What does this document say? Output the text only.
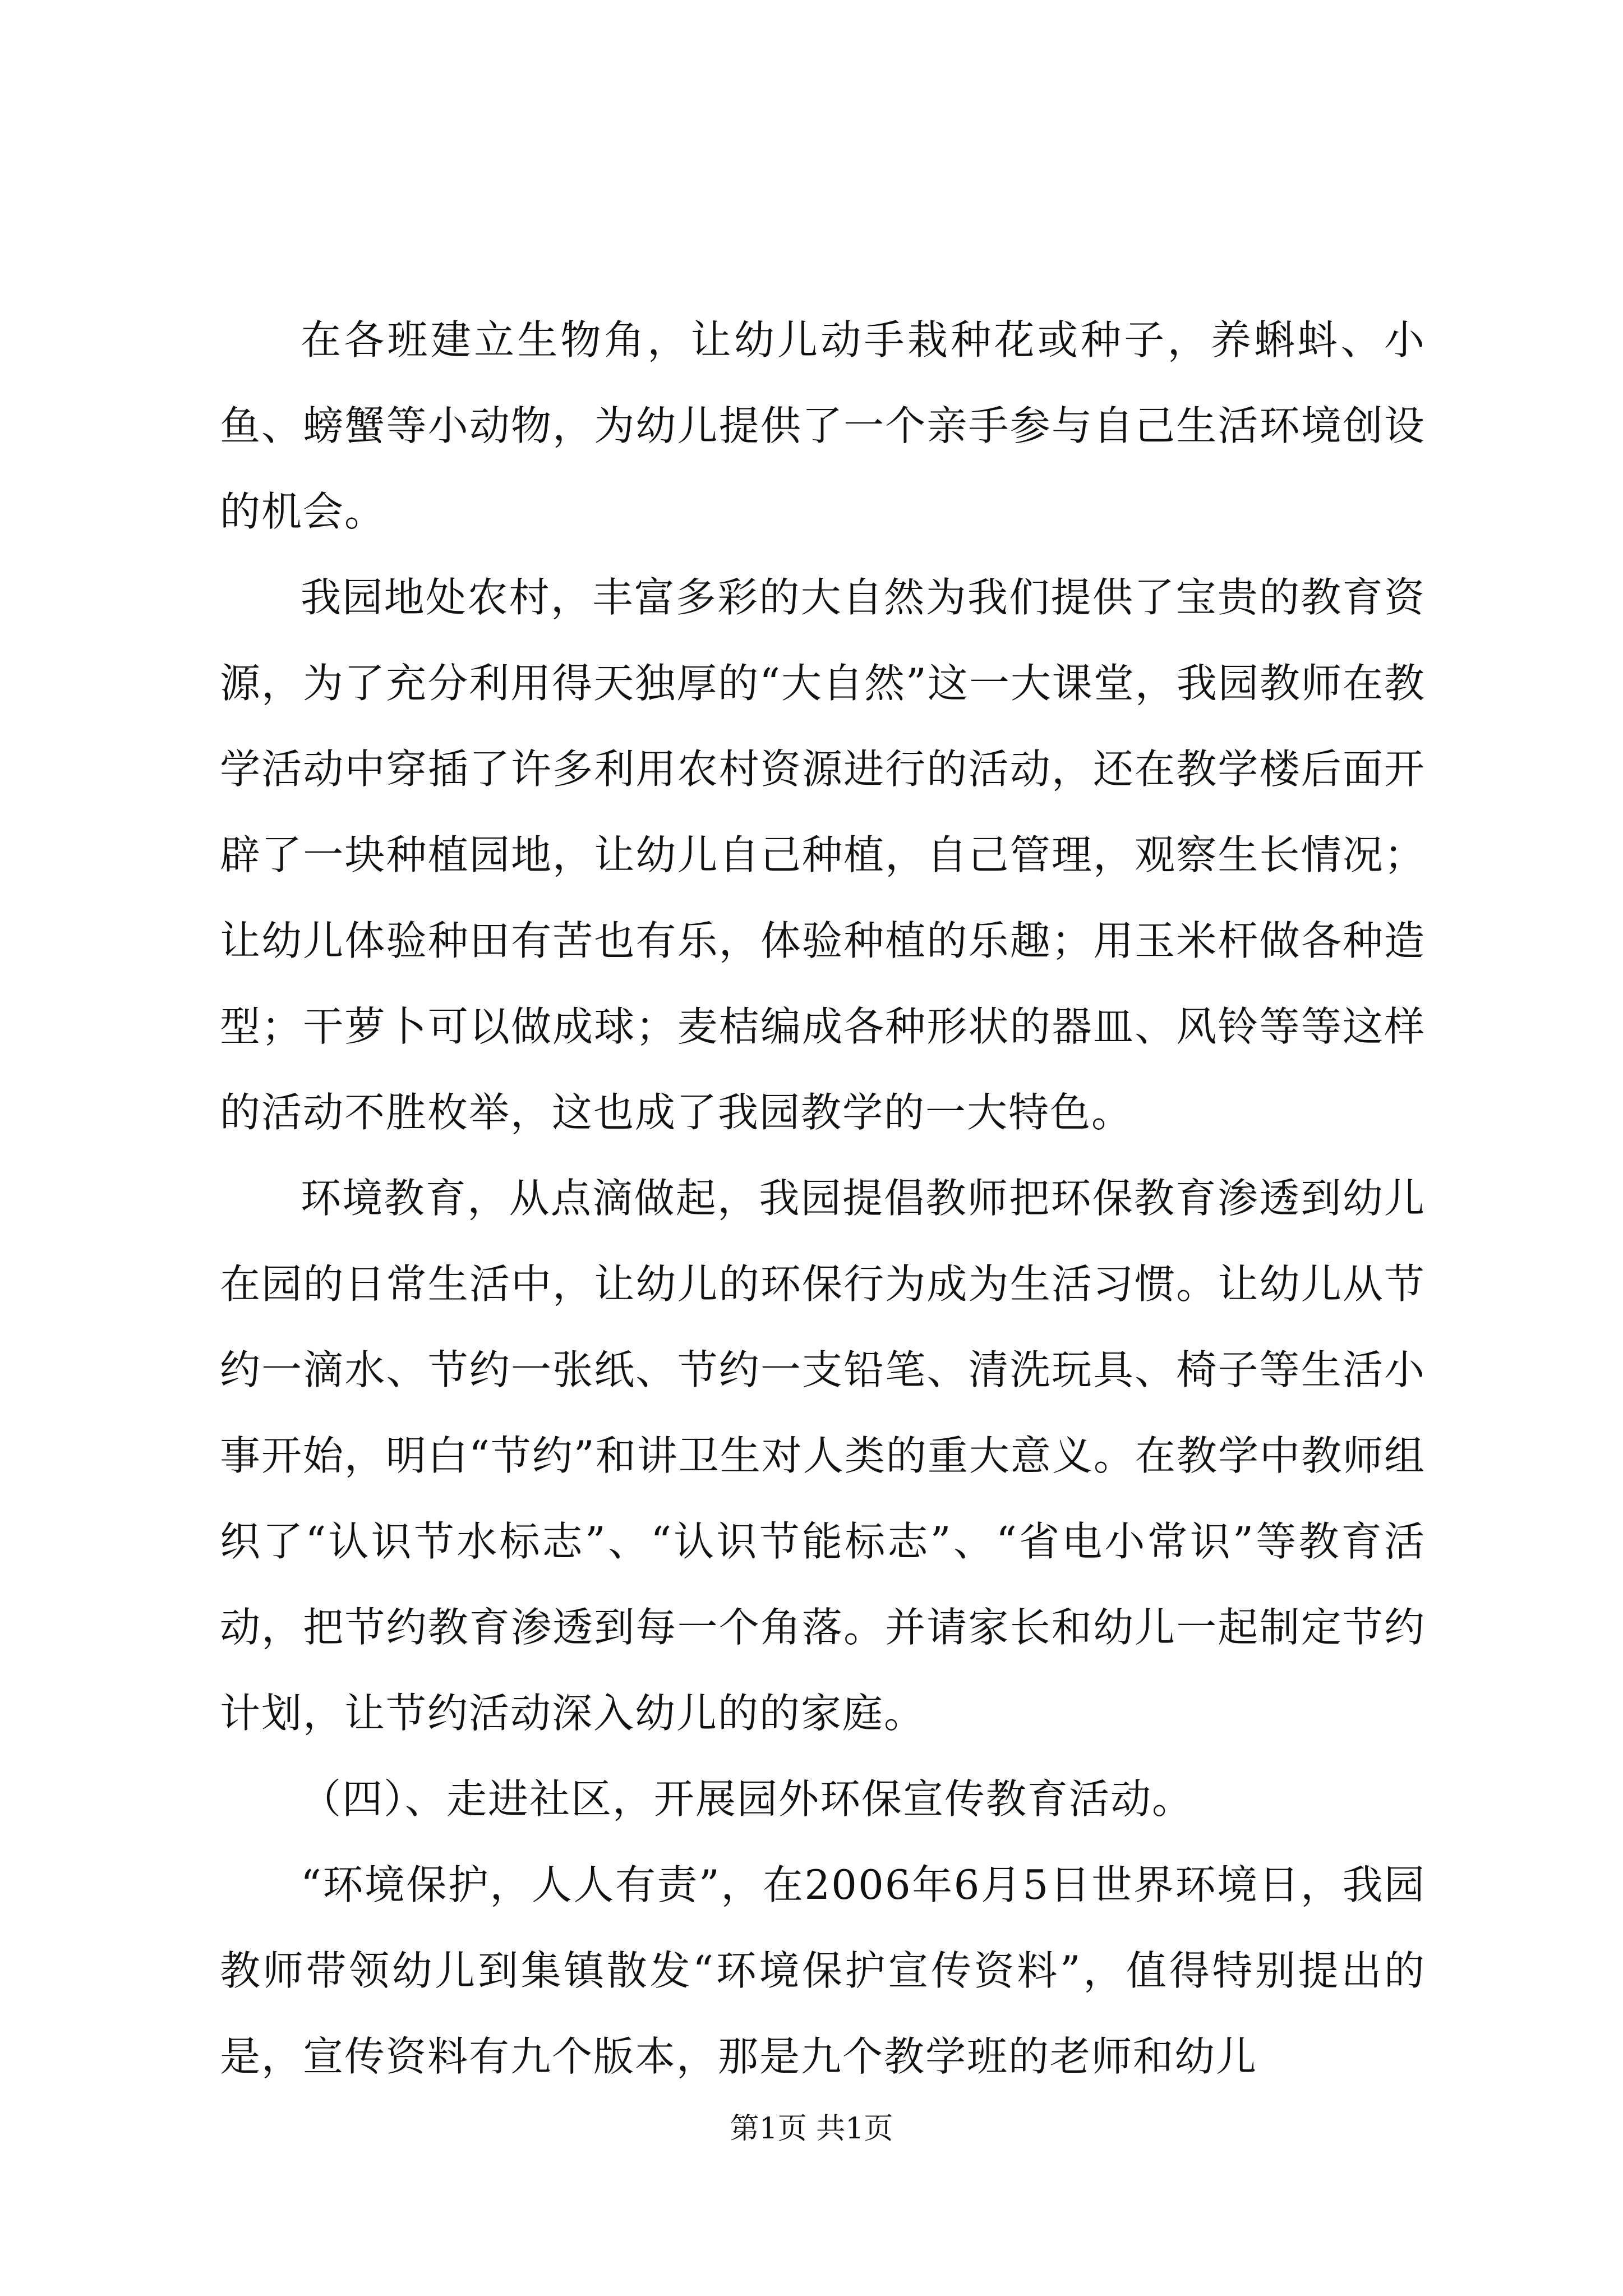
在各班建立生物角，让幼儿动手栽种花或种子，养蝌蚪、小鱼、螃蟹等小动物，为幼儿提供了一个亲手参与自己生活环境创设的机会。

我园地处农村，丰富多彩的大自然为我们提供了宝贵的教育资源，为了充分利用得天独厚的“大自然”这一大课堂，我园教师在教学活动中穿插了许多利用农村资源进行的活动，还在教学楼后面开辟了一块种植园地，让幼儿自己种植，自己管理，观察生长情况；让幼儿体验种田有苦也有乐，体验种植的乐趣；用玉米杆做各种造型；干萝卜可以做成球；麦桔编成各种形状的器皿、风铃等等这样的活动不胜枚举，这也成了我园教学的一大特色。

环境教育，从点滴做起，我园提倡教师把环保教育渗透到幼儿在园的日常生活中，让幼儿的环保行为成为生活习惯。让幼儿从节约一滴水、节约一张纸、节约一支铅笔、清洗玩具、椅子等生活小事开始，明白“节约”和讲卫生对人类的重大意义。在教学中教师组织了“认识节水标志”、“认识节能标志”、“省电小常识”等教育活动，把节约教育渗透到每一个角落。并请家长和幼儿一起制定节约计划，让节约活动深入幼儿的的家庭。

（四）、走进社区，开展园外环保宣传教育活动。

“环境保护，人人有责”，在2006年6月5日世界环境日，我园教师带领幼儿到集镇散发“环境保护宣传资料”，值得特别提出的是，宣传资料有九个版本，那是九个教学班的老师和幼儿

第1页 共1页
